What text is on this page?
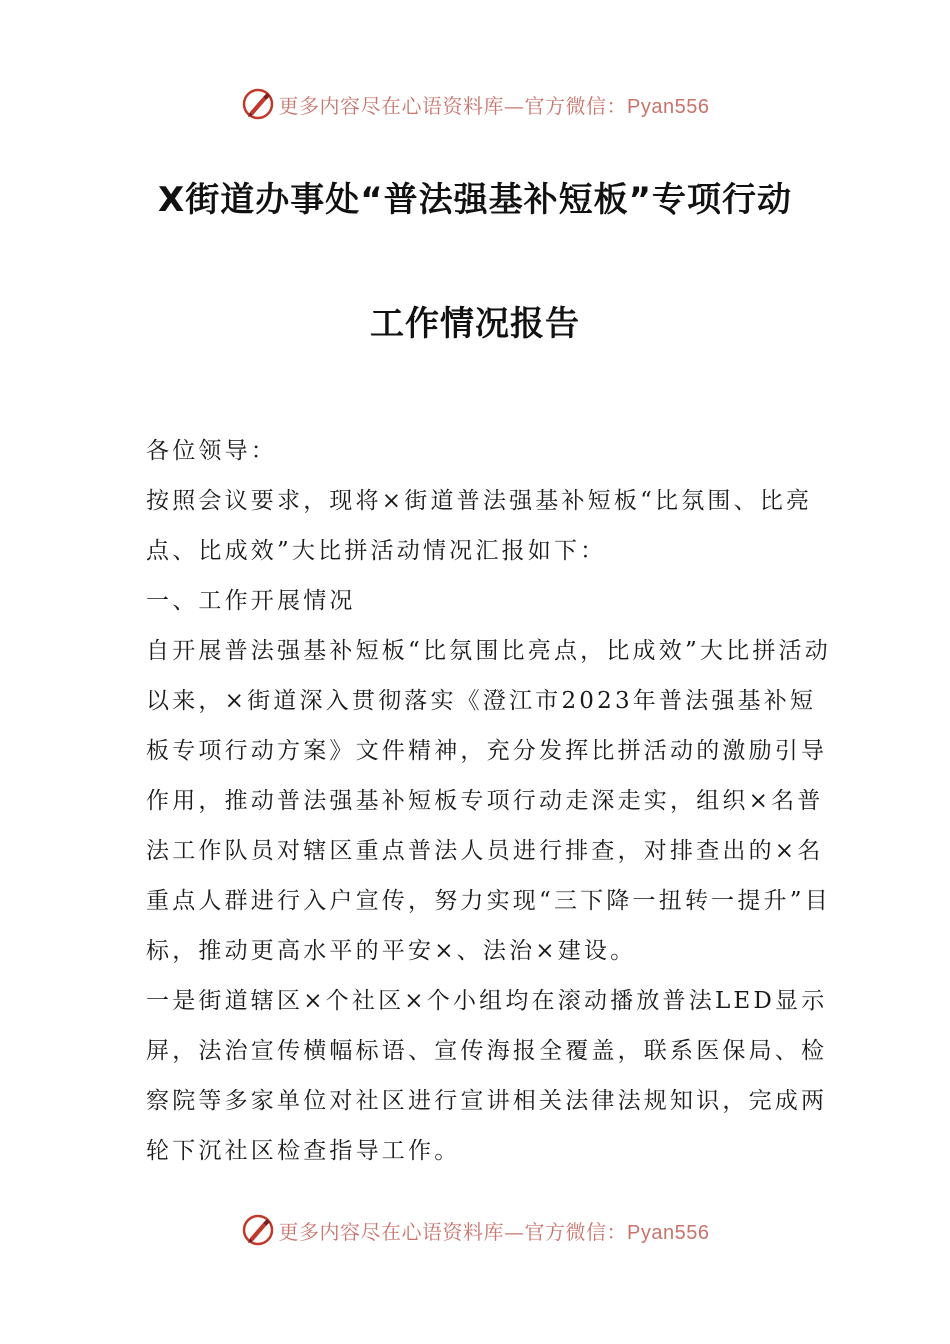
更多内容尽在心语资料库—官方微信：Pyan556
X街道办事处“普法强基补短板”专项行动
工作情况报告

各位领导：

按照会议要求，现将×街道普法强基补短板“比氛围、比亮点、比成效”大比拼活动情况汇报如下：

一、工作开展情况

自开展普法强基补短板“比氛围比亮点，比成效”大比拼活动以来，×街道深入贯彻落实《澄江市2023年普法强基补短板专项行动方案》文件精神，充分发挥比拼活动的激励引导作用，推动普法强基补短板专项行动走深走实，组织×名普法工作队员对辖区重点普法人员进行排查，对排查出的×名重点人群进行入户宣传，努力实现“三下降一扭转一提升”目标，推动更高水平的平安×、法治×建设。

一是街道辖区×个社区×个小组均在滚动播放普法LED显示屏，法治宣传横幅标语、宣传海报全覆盖，联系医保局、检察院等多家单位对社区进行宣讲相关法律法规知识，完成两轮下沉社区检查指导工作。

更多内容尽在心语资料库—官方微信：Pyan556
